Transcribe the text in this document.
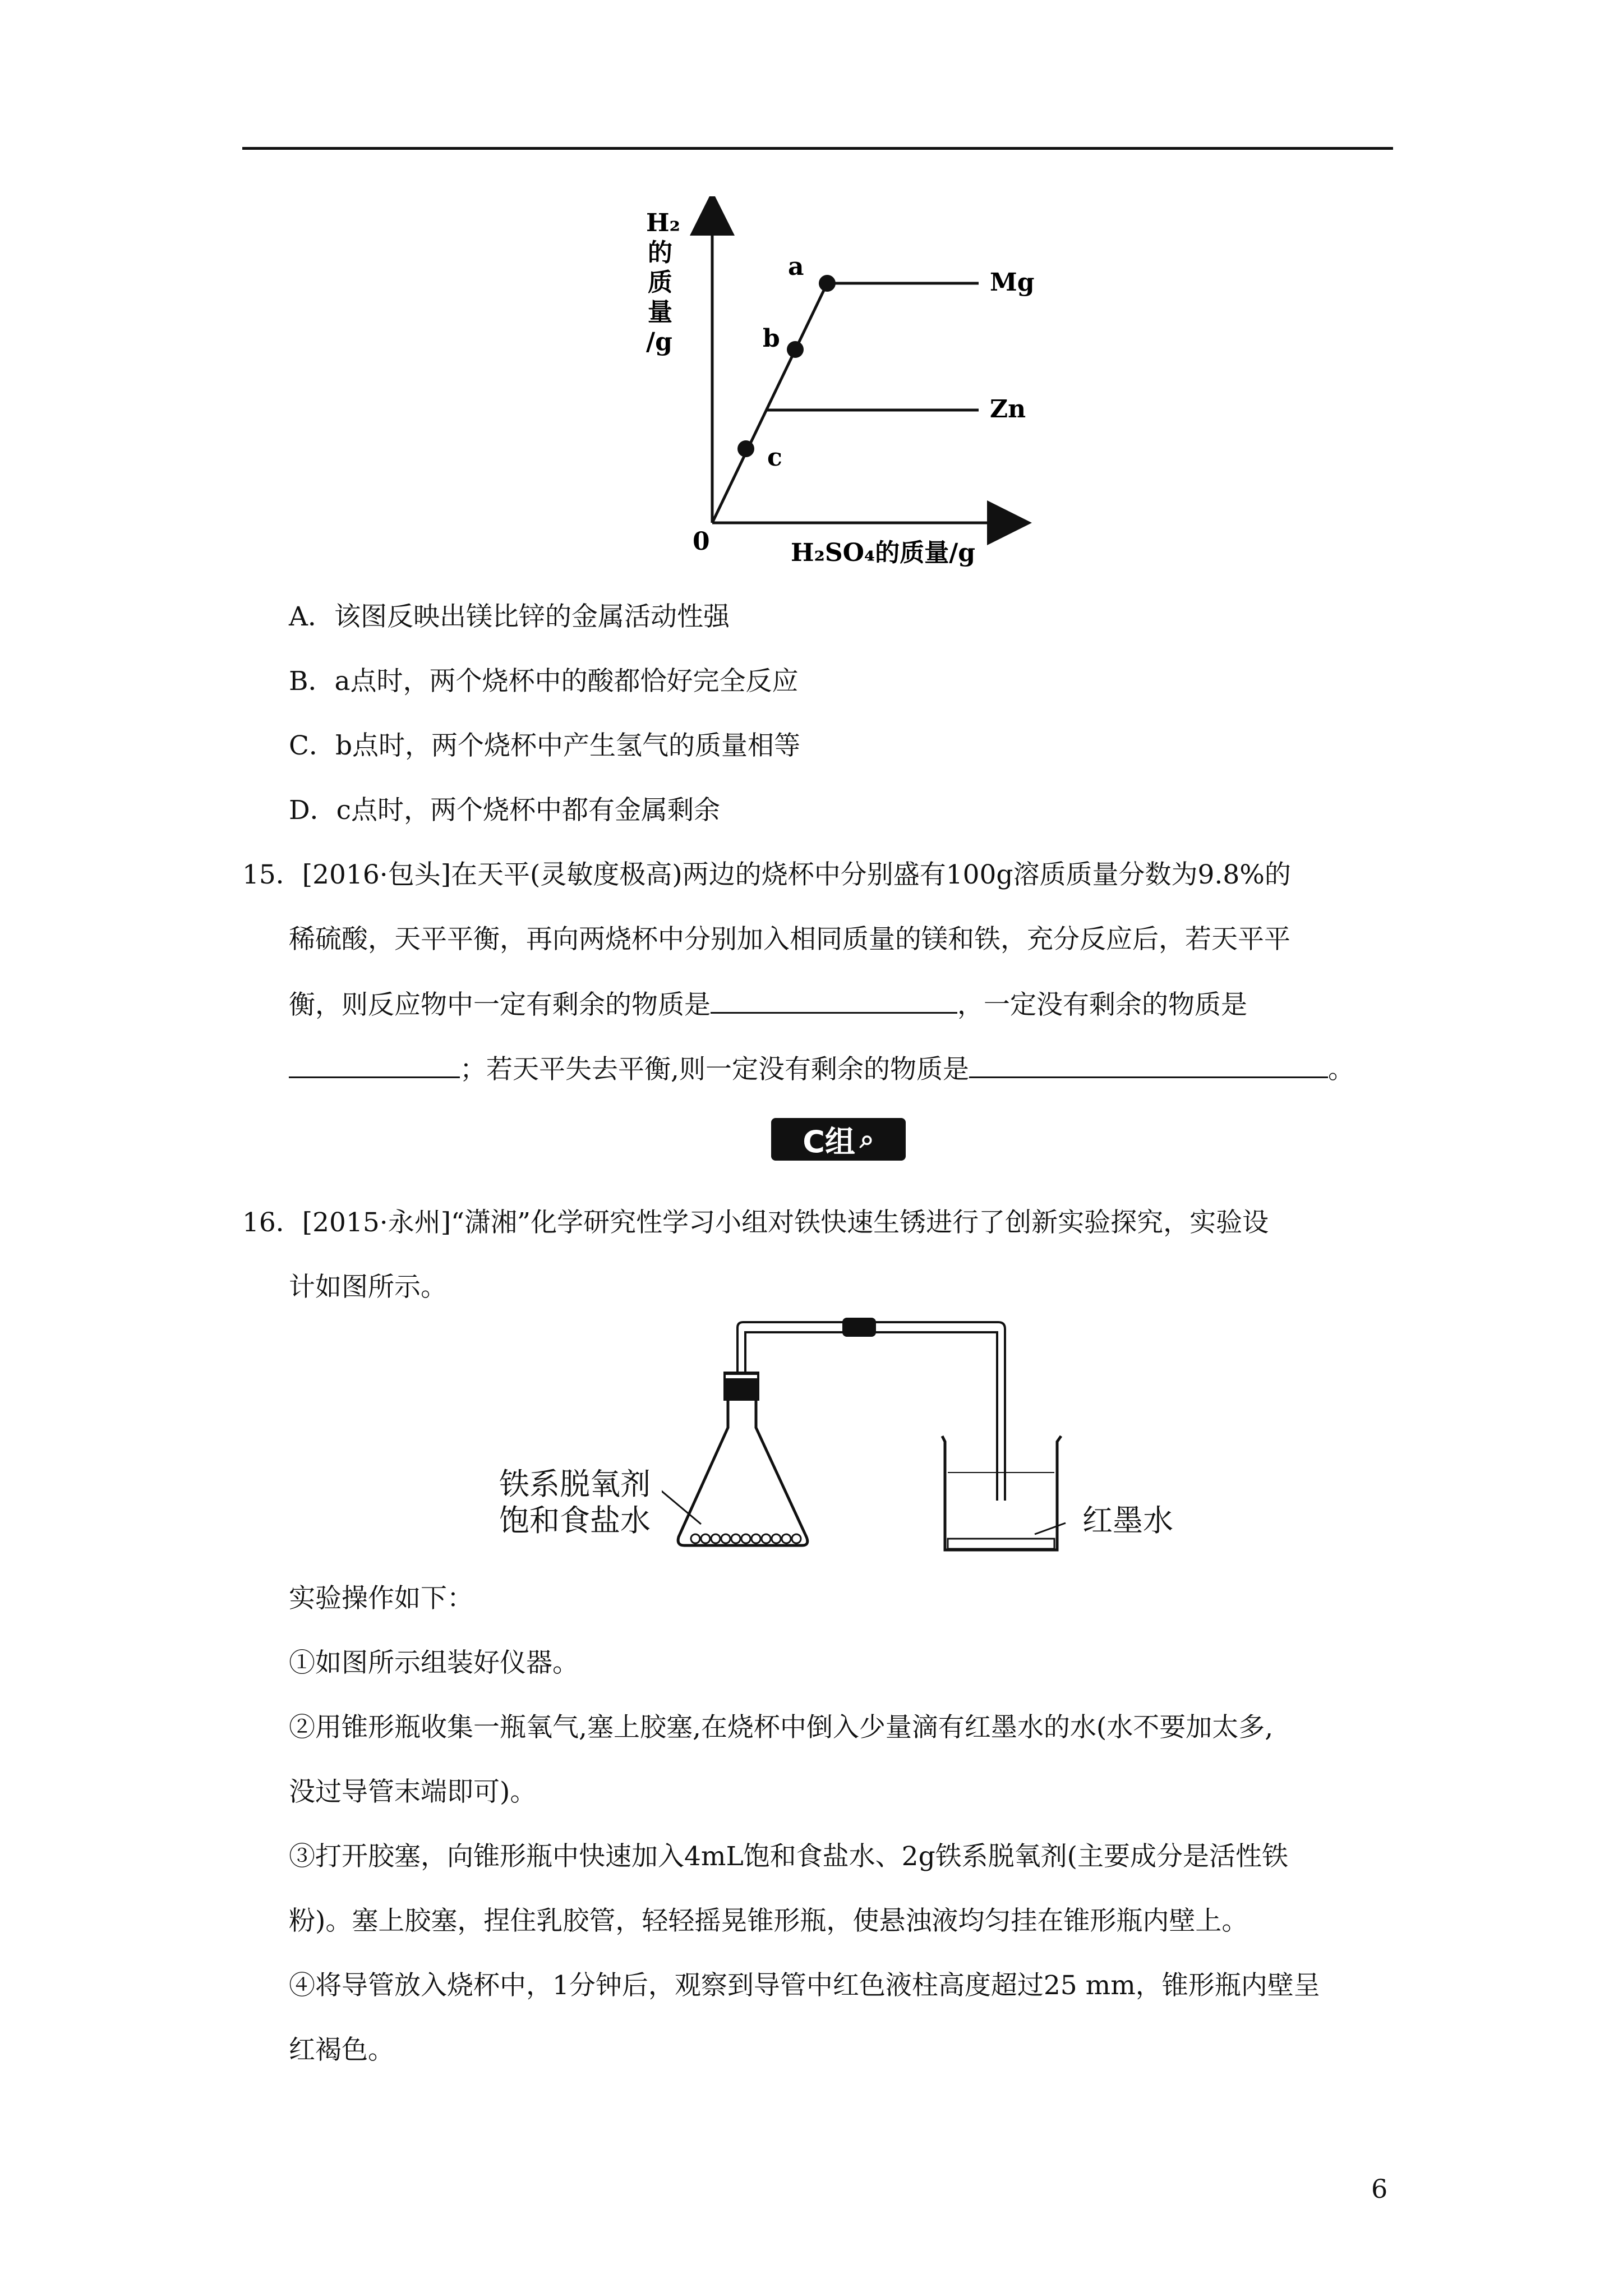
H₂
的
质
量
/g
0	H₂SO₄的质量/g
a
b
c
Mg
Zn
A．该图反映出镁比锌的金属活动性强
B．a点时，两个烧杯中的酸都恰好完全反应
C．b点时，两个烧杯中产生氢气的质量相等
D．c点时，两个烧杯中都有金属剩余
15．[2016·包头]在天平(灵敏度极高)两边的烧杯中分别盛有100g溶质质量分数为9.8%的
稀硫酸，天平平衡，再向两烧杯中分别加入相同质量的镁和铁，充分反应后，若天平平
衡，则反应物中一定有剩余的物质是	，一定没有剩余的物质是
；若天平失去平衡,则一定没有剩余的物质是	。
C组 ⌕
16．[2015·永州]“潇湘”化学研究性学习小组对铁快速生锈进行了创新实验探究，实验设
计如图所示。
铁系脱氧剂
饱和食盐水	红墨水
实验操作如下：
①如图所示组装好仪器。
②用锥形瓶收集一瓶氧气,塞上胶塞,在烧杯中倒入少量滴有红墨水的水(水不要加太多,
没过导管末端即可)。
③打开胶塞，向锥形瓶中快速加入4mL饱和食盐水、2g铁系脱氧剂(主要成分是活性铁
粉)。塞上胶塞，捏住乳胶管，轻轻摇晃锥形瓶，使悬浊液均匀挂在锥形瓶内壁上。
④将导管放入烧杯中，1分钟后，观察到导管中红色液柱高度超过25 mm，锥形瓶内壁呈
红褐色。
6
